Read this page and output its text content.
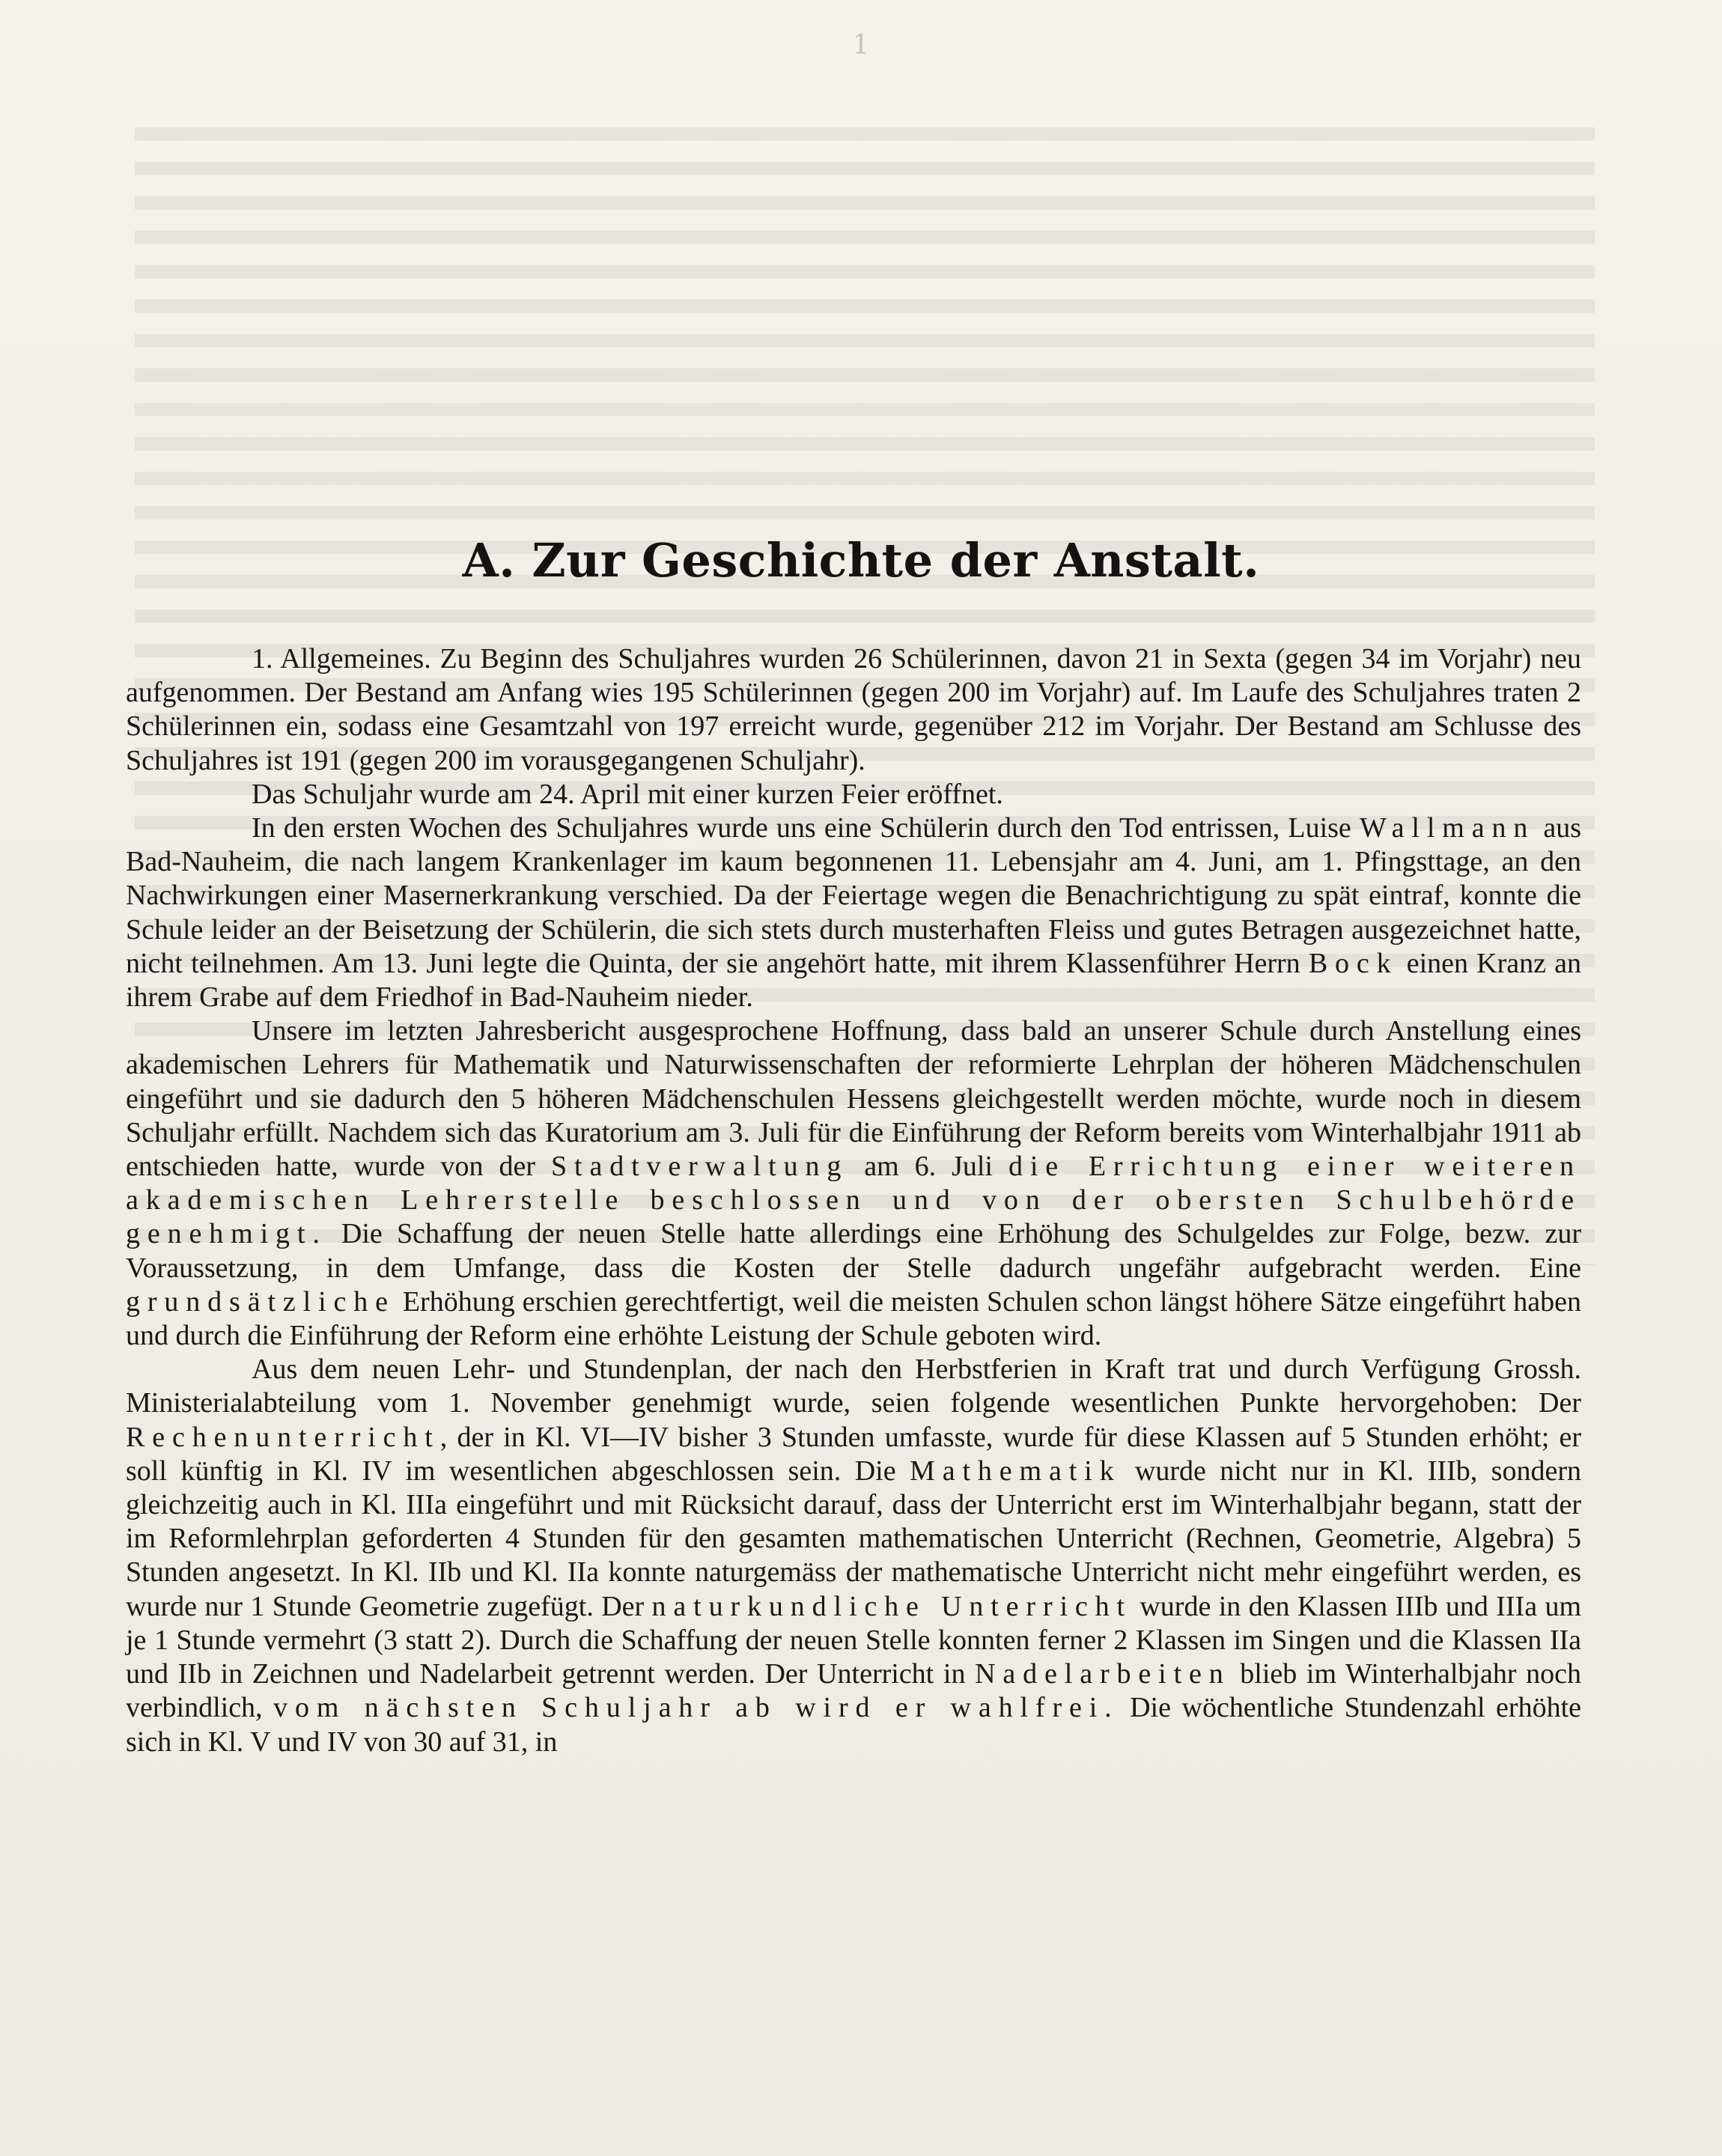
1
A. Zur Geschichte der Anstalt.

1. Allgemeines. Zu Beginn des Schuljahres wurden 26 Schülerinnen, davon 21 in Sexta (gegen 34 im Vorjahr) neu aufgenommen. Der Bestand am Anfang wies 195 Schülerinnen (gegen 200 im Vorjahr) auf. Im Laufe des Schuljahres traten 2 Schülerinnen ein, sodass eine Gesamtzahl von 197 erreicht wurde, gegenüber 212 im Vorjahr. Der Bestand am Schlusse des Schuljahres ist 191 (gegen 200 im vorausgegangenen Schuljahr).

Das Schuljahr wurde am 24. April mit einer kurzen Feier eröffnet.

In den ersten Wochen des Schuljahres wurde uns eine Schülerin durch den Tod entrissen, Luise Wallmann aus Bad-Nauheim, die nach langem Krankenlager im kaum begonnenen 11. Lebensjahr am 4. Juni, am 1. Pfingsttage, an den Nachwirkungen einer Masernerkrankung verschied. Da der Feiertage wegen die Benachrichtigung zu spät eintraf, konnte die Schule leider an der Beisetzung der Schülerin, die sich stets durch musterhaften Fleiss und gutes Betragen ausgezeichnet hatte, nicht teilnehmen. Am 13. Juni legte die Quinta, der sie angehört hatte, mit ihrem Klassenführer Herrn Bock einen Kranz an ihrem Grabe auf dem Friedhof in Bad-Nauheim nieder.

Unsere im letzten Jahresbericht ausgesprochene Hoffnung, dass bald an unserer Schule durch Anstellung eines akademischen Lehrers für Mathematik und Naturwissenschaften der reformierte Lehrplan der höheren Mädchenschulen eingeführt und sie dadurch den 5 höheren Mädchenschulen Hessens gleichgestellt werden möchte, wurde noch in diesem Schuljahr erfüllt. Nachdem sich das Kuratorium am 3. Juli für die Einführung der Reform bereits vom Winterhalbjahr 1911 ab entschieden hatte, wurde von der Stadtverwaltung am 6. Juli die Errichtung einer weiteren akademischen Lehrerstelle beschlossen und von der obersten Schulbehörde genehmigt. Die Schaffung der neuen Stelle hatte allerdings eine Erhöhung des Schulgeldes zur Folge, bezw. zur Voraussetzung, in dem Umfange, dass die Kosten der Stelle dadurch ungefähr aufgebracht werden. Eine grundsätzliche Erhöhung erschien gerechtfertigt, weil die meisten Schulen schon längst höhere Sätze eingeführt haben und durch die Einführung der Reform eine erhöhte Leistung der Schule geboten wird.

Aus dem neuen Lehr- und Stundenplan, der nach den Herbstferien in Kraft trat und durch Verfügung Grossh. Ministerialabteilung vom 1. November genehmigt wurde, seien folgende wesentlichen Punkte hervorgehoben: Der Rechenunterricht, der in Kl. VI—IV bisher 3 Stunden umfasste, wurde für diese Klassen auf 5 Stunden erhöht; er soll künftig in Kl. IV im wesentlichen abgeschlossen sein. Die Mathematik wurde nicht nur in Kl. IIIb, sondern gleichzeitig auch in Kl. IIIa eingeführt und mit Rücksicht darauf, dass der Unterricht erst im Winterhalbjahr begann, statt der im Reformlehrplan geforderten 4 Stunden für den gesamten mathematischen Unterricht (Rechnen, Geometrie, Algebra) 5 Stunden angesetzt. In Kl. IIb und Kl. IIa konnte naturgemäss der mathematische Unterricht nicht mehr eingeführt werden, es wurde nur 1 Stunde Geometrie zugefügt. Der naturkundliche Unterricht wurde in den Klassen IIIb und IIIa um je 1 Stunde vermehrt (3 statt 2). Durch die Schaffung der neuen Stelle konnten ferner 2 Klassen im Singen und die Klassen IIa und IIb in Zeichnen und Nadelarbeit getrennt werden. Der Unterricht in Nadelarbeiten blieb im Winterhalbjahr noch verbindlich, vom nächsten Schuljahr ab wird er wahlfrei. Die wöchentliche Stundenzahl erhöhte sich in Kl. V und IV von 30 auf 31, in
